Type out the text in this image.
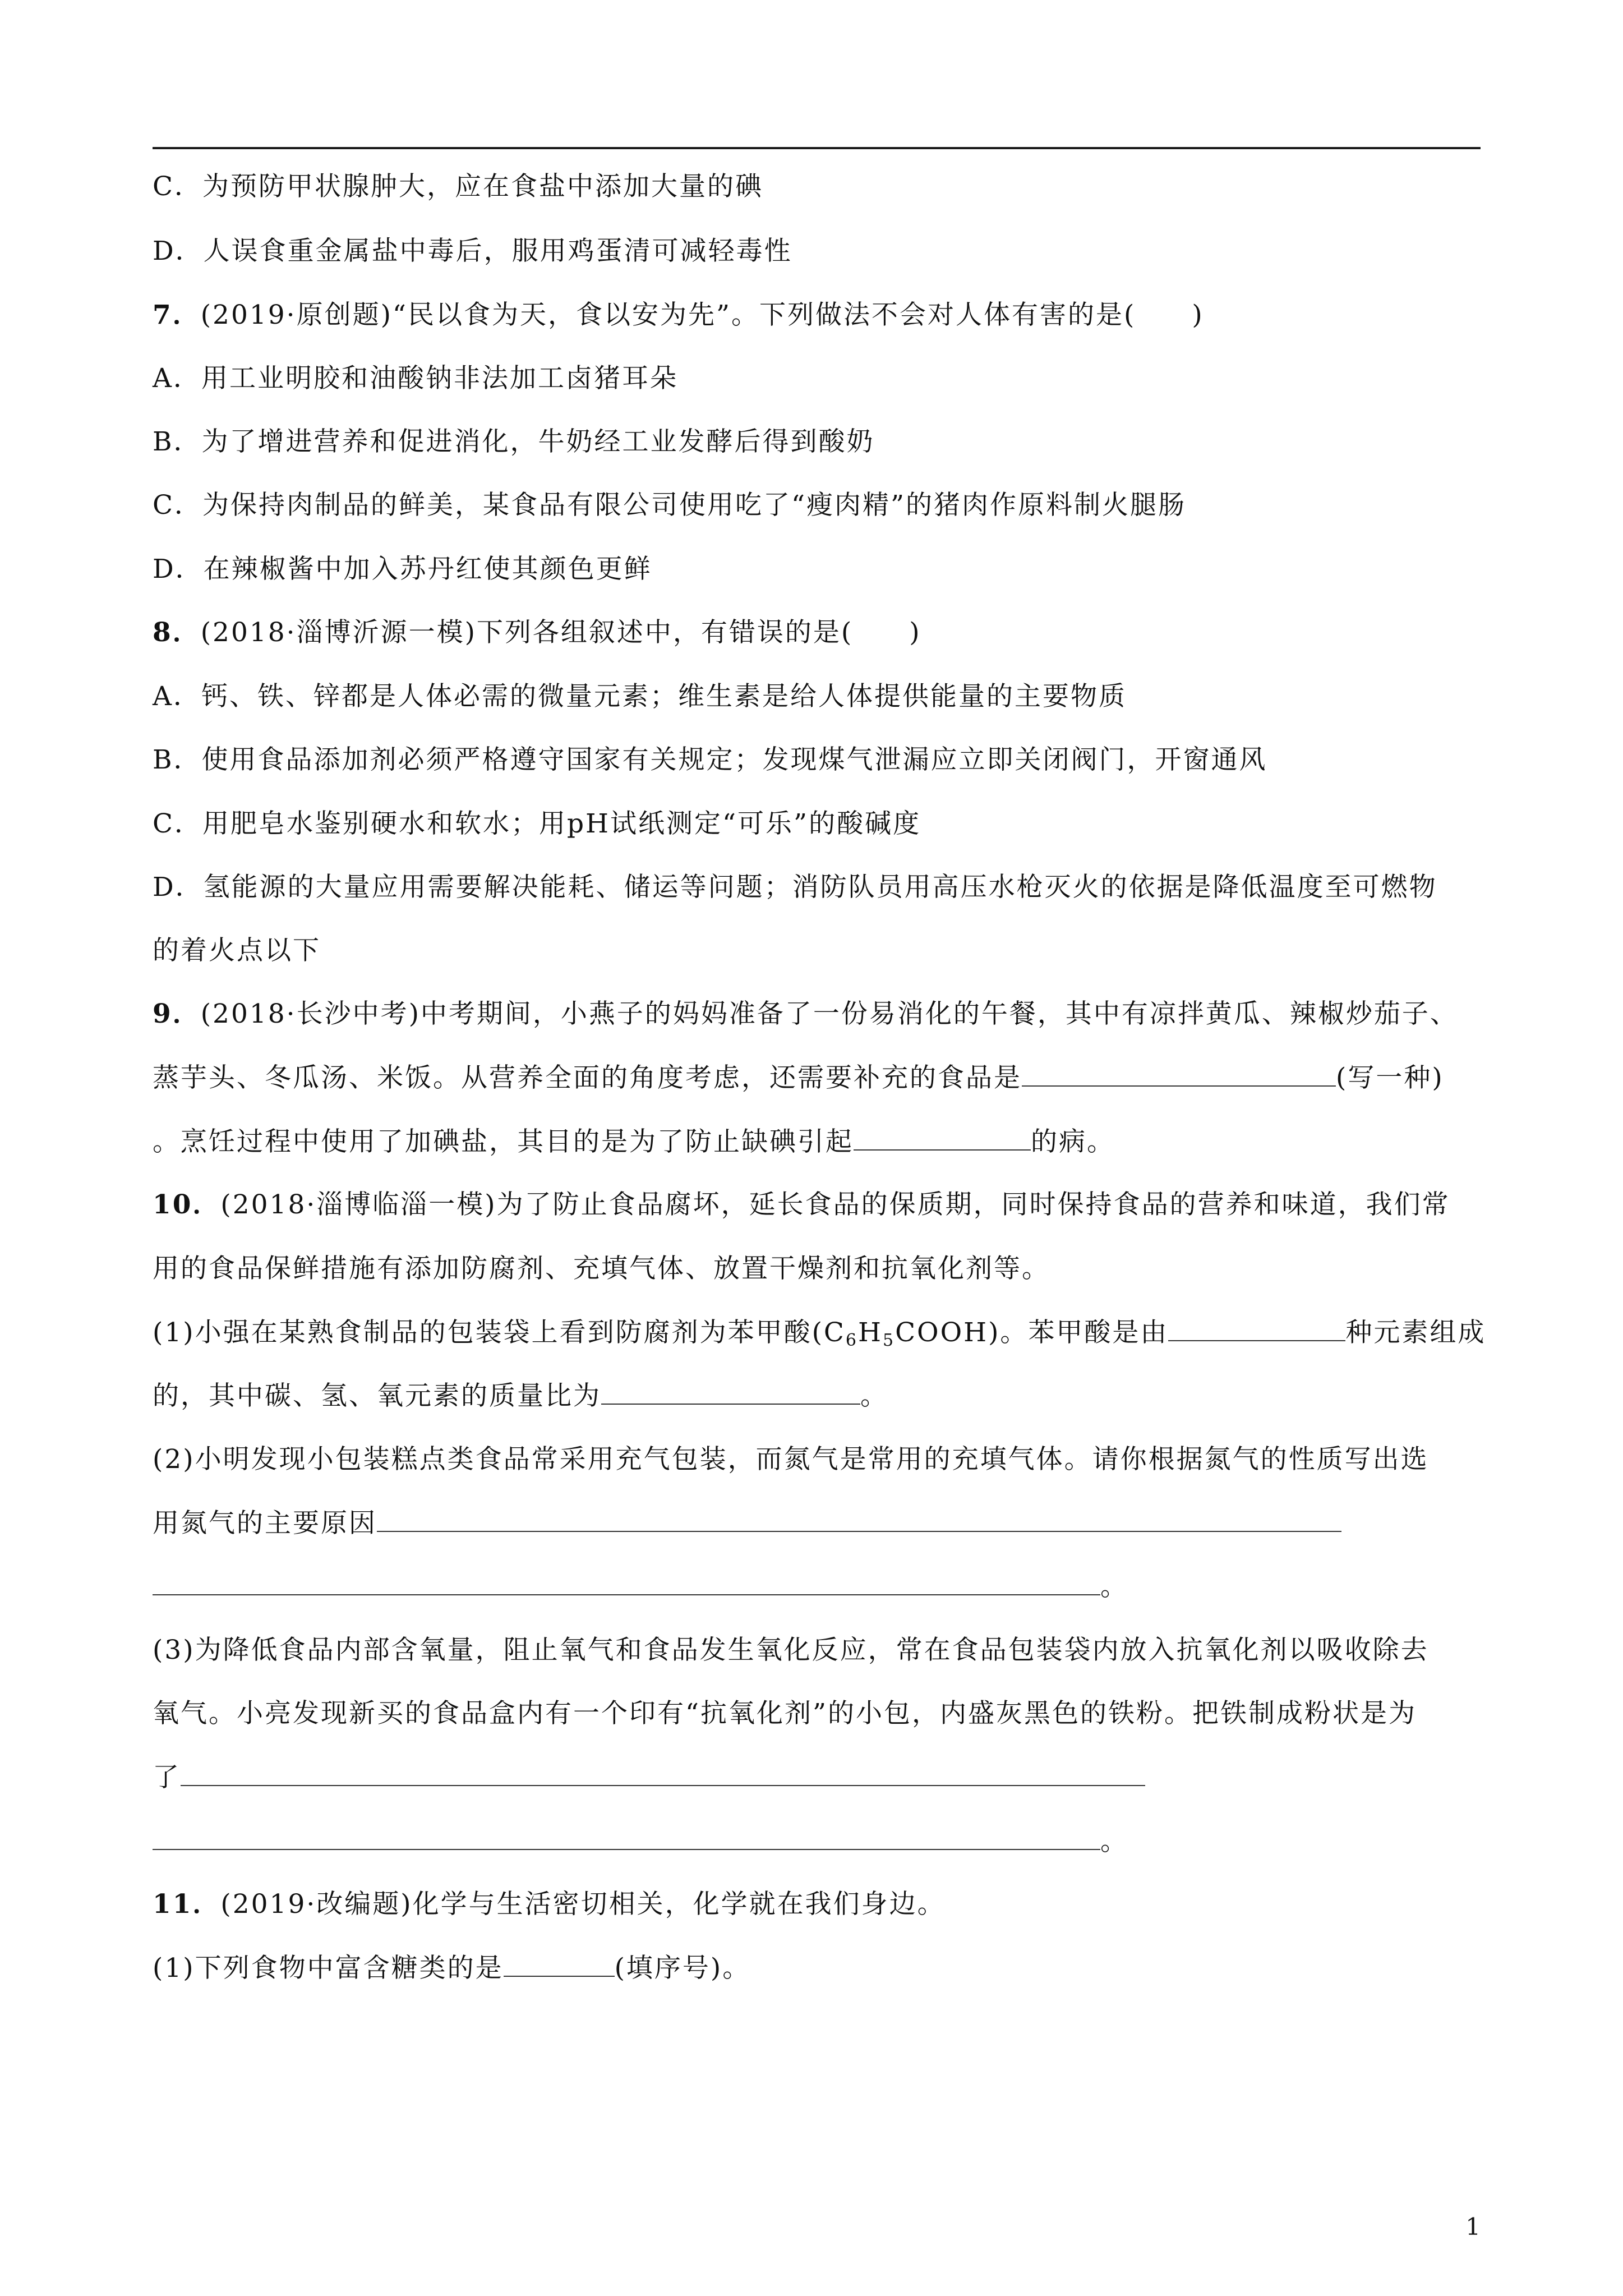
C．为预防甲状腺肿大，应在食盐中添加大量的碘
D．人误食重金属盐中毒后，服用鸡蛋清可减轻毒性
7．(2019·原创题)“民以食为天，食以安为先”。下列做法不会对人体有害的是(　　)
A．用工业明胶和油酸钠非法加工卤猪耳朵
B．为了增进营养和促进消化，牛奶经工业发酵后得到酸奶
C．为保持肉制品的鲜美，某食品有限公司使用吃了“瘦肉精”的猪肉作原料制火腿肠
D．在辣椒酱中加入苏丹红使其颜色更鲜
8．(2018·淄博沂源一模)下列各组叙述中，有错误的是(　　)
A．钙、铁、锌都是人体必需的微量元素；维生素是给人体提供能量的主要物质
B．使用食品添加剂必须严格遵守国家有关规定；发现煤气泄漏应立即关闭阀门，开窗通风
C．用肥皂水鉴别硬水和软水；用pH试纸测定“可乐”的酸碱度
D．氢能源的大量应用需要解决能耗、储运等问题；消防队员用高压水枪灭火的依据是降低温度至可燃物
的着火点以下
9．(2018·长沙中考)中考期间，小燕子的妈妈准备了一份易消化的午餐，其中有凉拌黄瓜、辣椒炒茄子、
蒸芋头、冬瓜汤、米饭。从营养全面的角度考虑，还需要补充的食品是	(写一种)
。烹饪过程中使用了加碘盐，其目的是为了防止缺碘引起	的病。
10．(2018·淄博临淄一模)为了防止食品腐坏，延长食品的保质期，同时保持食品的营养和味道，我们常
用的食品保鲜措施有添加防腐剂、充填气体、放置干燥剂和抗氧化剂等。
(1)小强在某熟食制品的包装袋上看到防腐剂为苯甲酸$(C_6H_5COOH)$。苯甲酸是由	种元素组成
的，其中碳、氢、氧元素的质量比为	。
(2)小明发现小包装糕点类食品常采用充气包装，而氮气是常用的充填气体。请你根据氮气的性质写出选
用氮气的主要原因
。
(3)为降低食品内部含氧量，阻止氧气和食品发生氧化反应，常在食品包装袋内放入抗氧化剂以吸收除去
氧气。小亮发现新买的食品盒内有一个印有“抗氧化剂”的小包，内盛灰黑色的铁粉。把铁制成粉状是为
了
。
11．(2019·改编题)化学与生活密切相关，化学就在我们身边。
(1)下列食物中富含糖类的是	(填序号)。
1
